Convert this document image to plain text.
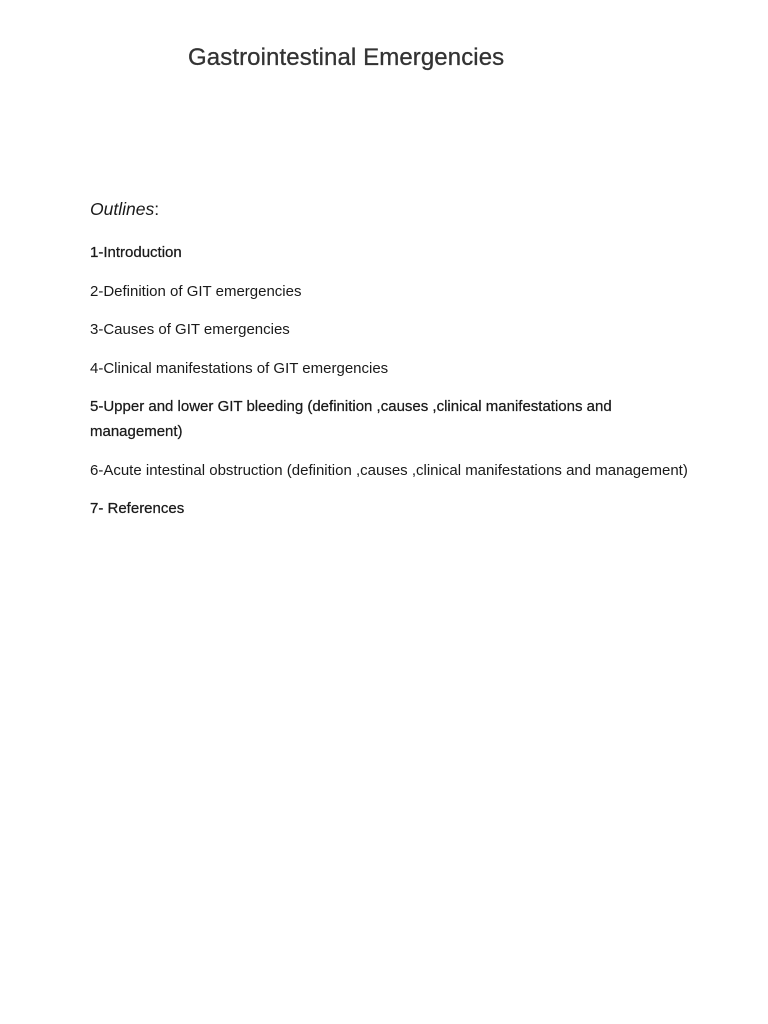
Gastrointestinal Emergencies

Outlines:

1-Introduction
2-Definition of GIT emergencies
3-Causes of GIT emergencies
4-Clinical manifestations of GIT emergencies
5-Upper and lower GIT bleeding (definition ,causes ,clinical manifestations and management)
6-Acute intestinal obstruction (definition ,causes ,clinical manifestations and management)
7- References
